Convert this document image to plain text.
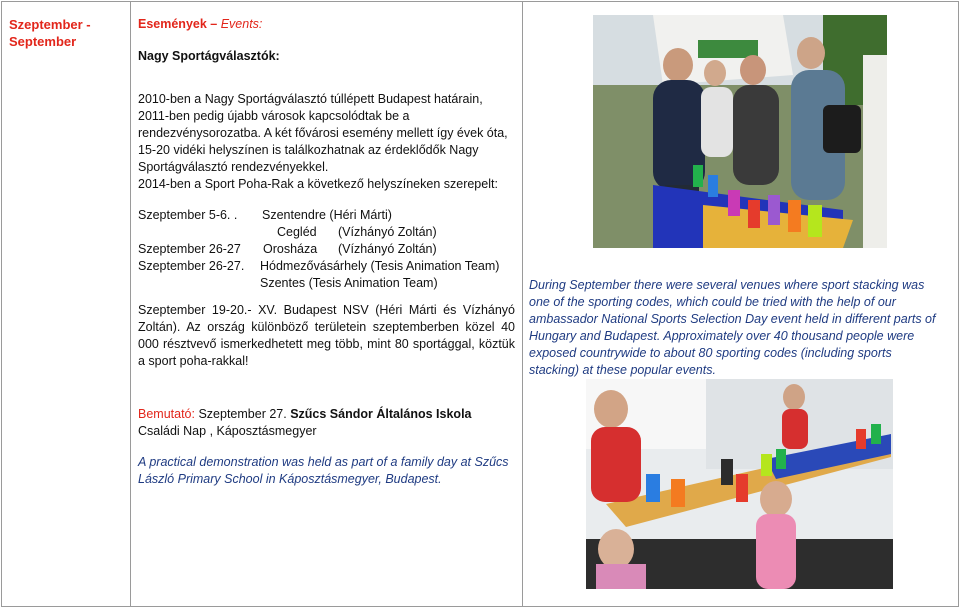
Szeptember -
September

Események – Events:

Nagy Sportágválasztók:

2010-ben a Nagy Sportágválasztó túllépett Budapest határain, 2011-ben pedig újabb városok kapcsolódtak be a rendezvénysorozatba. A két fővárosi esemény mellett így évek óta, 15-20 vidéki helyszínen is találkozhatnak az érdeklődők Nagy Sportágválasztó rendezvényekkel.
2014-ben a Sport Poha-Rak a következő helyszíneken szerepelt:

Szeptember 5-6. . Szentendre (Héri Márti)
Cegléd (Vízhányó Zoltán)
Szeptember 26-27 Orosháza (Vízhányó Zoltán)
Szeptember 26-27. Hódmezővásárhely (Tesis Animation Team)
Szentes (Tesis Animation Team)

Szeptember 19-20.- XV. Budapest NSV (Héri Márti és Vízhányó Zoltán). Az ország különböző területein szeptemberben közel 40 000 résztvevő ismerkedhetett meg több, mint 80 sportággal, köztük a sport poha-rakkal!

Bemutató: Szeptember 27. Szűcs Sándor Általános Iskola Családi Nap , Káposztásmegyer

A practical demonstration was held as part of a family day at Szűcs László Primary School in Káposztásmegyer, Budapest.

During September there were several venues where sport stacking was one of the sporting codes, which could be tried with the help of our ambassador National Sports Selection Day event held in different parts of Hungary and Budapest. Approximately over 40 thousand people were exposed countrywide to about 80 sporting codes (including sports stacking) at these popular events.
